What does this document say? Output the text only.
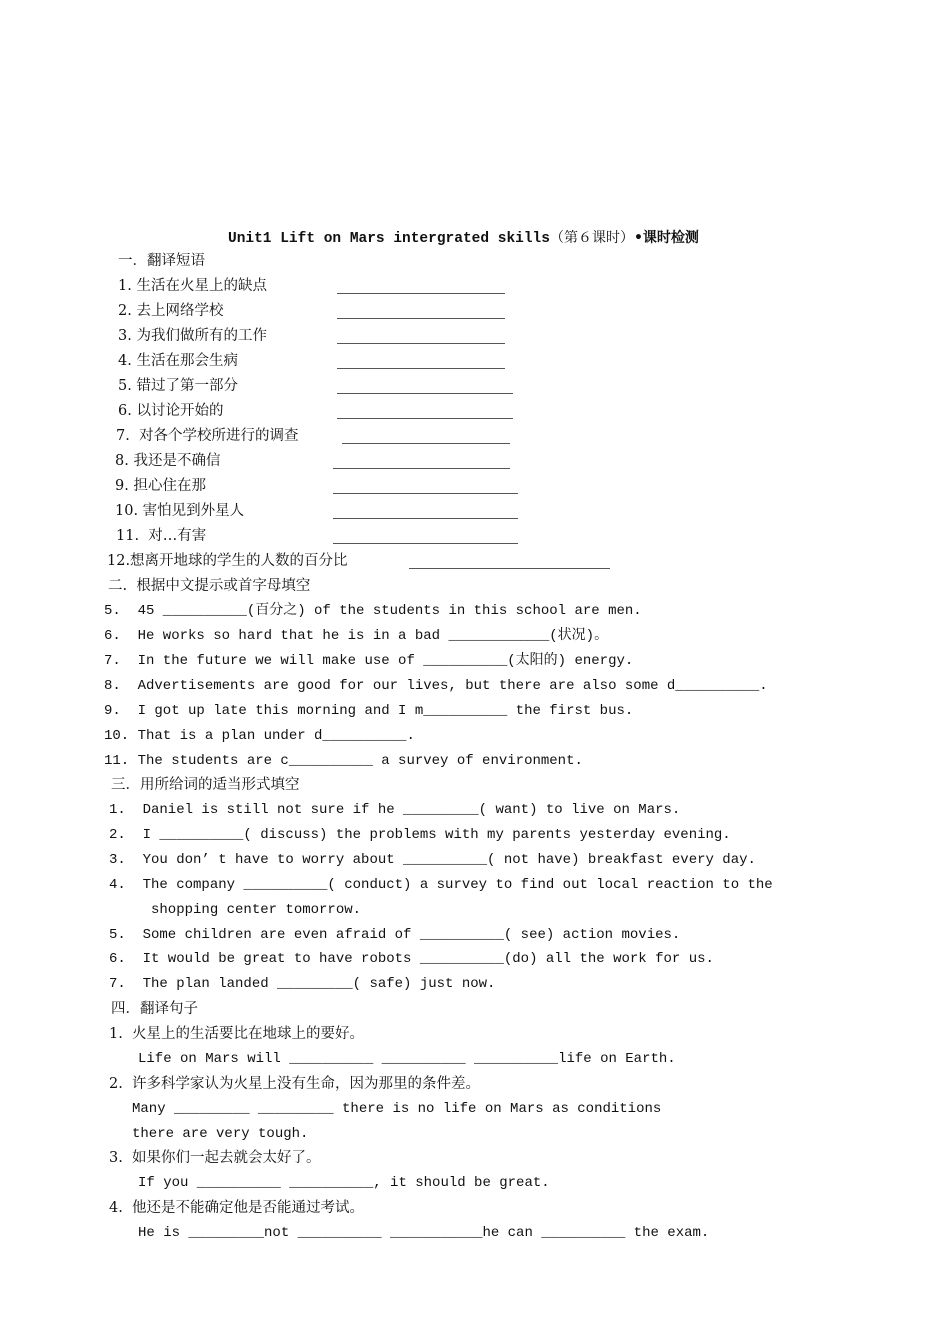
Unit1 Lift on Mars intergrated skills（第６课时）•课时检测
一．翻译短语
1. 生活在火星上的缺点
2. 去上网络学校
3. 为我们做所有的工作
4. 生活在那会生病
5. 错过了第一部分
6. 以讨论开始的
7.  对各个学校所进行的调查
8. 我还是不确信
9. 担心住在那
10. 害怕见到外星人
11.  对…有害
12.想离开地球的学生的人数的百分比
二.  根据中文提示或首字母填空
5.  45 __________(百分之) of the students in this school are men.
6.  He works so hard that he is in a bad ____________(状况)。
7.  In the future we will make use of __________(太阳的) energy.
8.  Advertisements are good for our lives, but there are also some d__________.
9.  I got up late this morning and I m__________ the first bus.
10. That is a plan under d__________.
11. The students are c__________ a survey of environment.
三．用所给词的适当形式填空
1.  Daniel is still not sure if he _________( want) to live on Mars.
2.  I __________( discuss) the problems with my parents yesterday evening.
3.  You don’ t have to worry about __________( not have) breakfast every day.
4.  The company __________( conduct) a survey to find out local reaction to the
shopping center tomorrow.
5.  Some children are even afraid of __________( see) action movies.
6.  It would be great to have robots __________(do) all the work for us.
7.  The plan landed _________( safe) just now.
四．翻译句子
1.  火星上的生活要比在地球上的要好。
Life on Mars will __________ __________ __________life on Earth.
2.  许多科学家认为火星上没有生命，因为那里的条件差。
Many _________ _________ there is no life on Mars as conditions
there are very tough.
3.  如果你们一起去就会太好了。
If you __________ __________, it should be great.
4.  他还是不能确定他是否能通过考试。
He is _________not __________ ___________he can __________ the exam.
